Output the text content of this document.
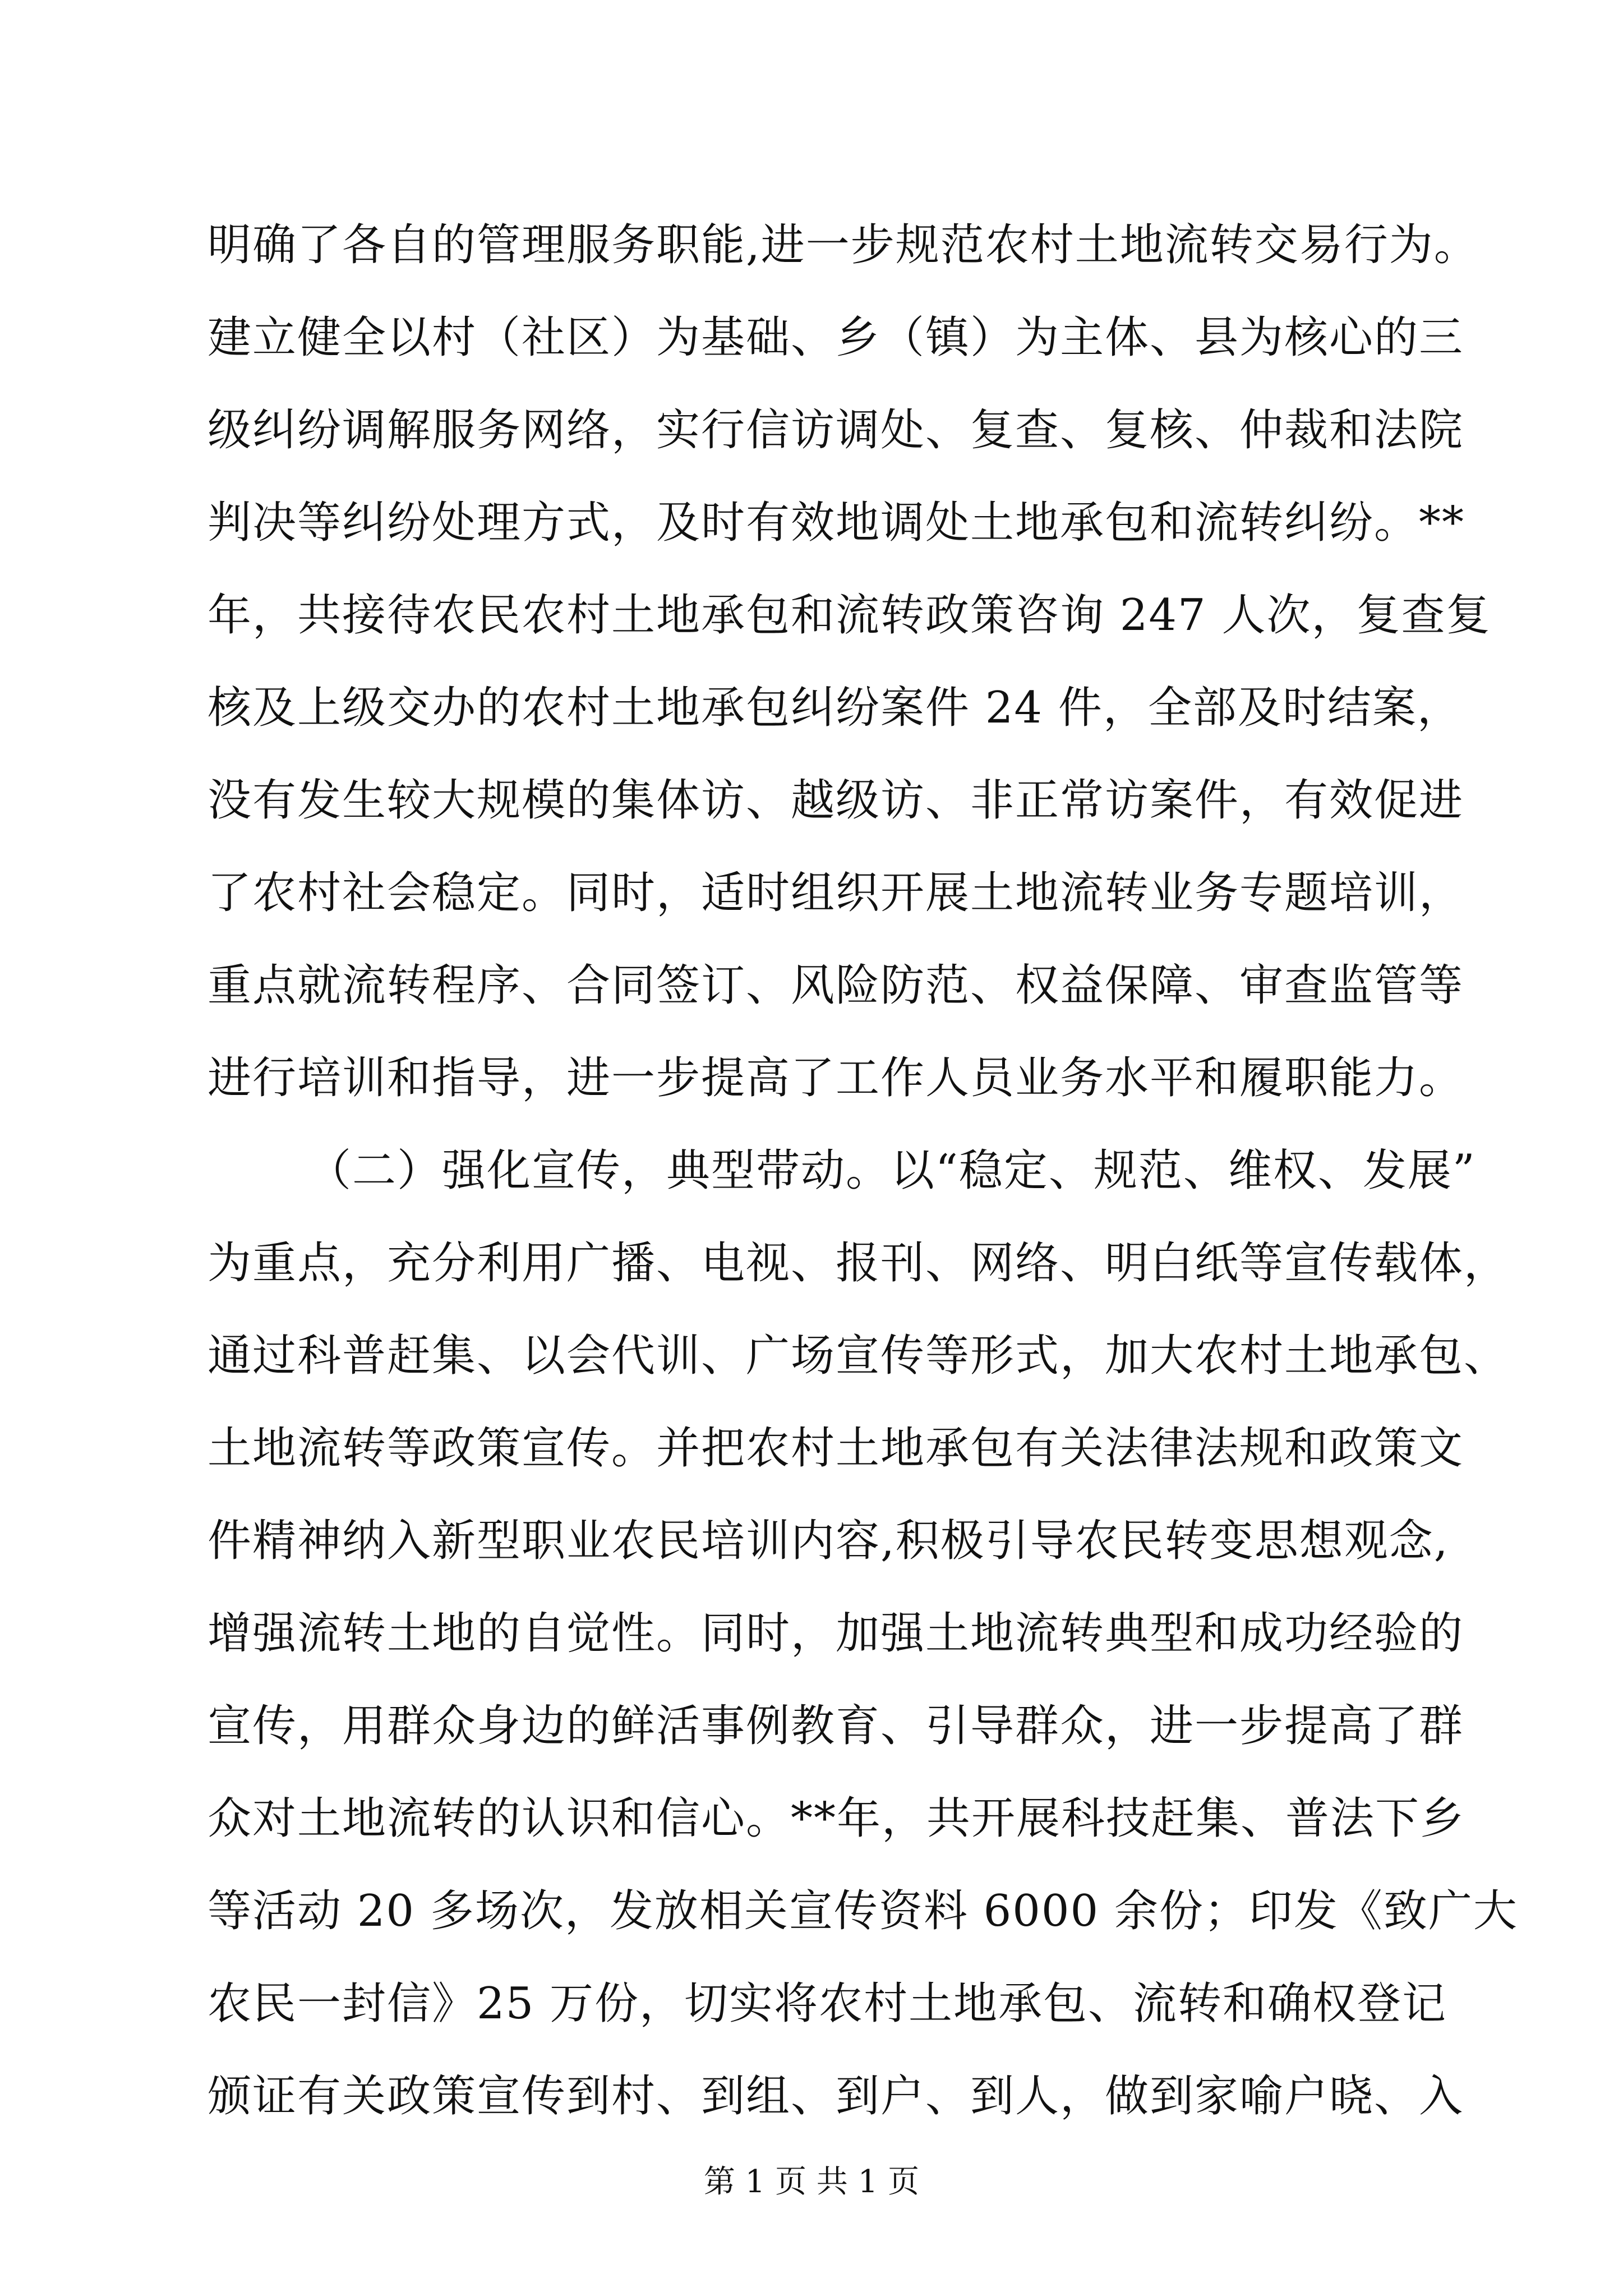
明确了各自的管理服务职能,进一步规范农村土地流转交易行为。
建立健全以村（社区）为基础、乡（镇）为主体、县为核心的三
级纠纷调解服务网络，实行信访调处、复查、复核、仲裁和法院
判决等纠纷处理方式，及时有效地调处土地承包和流转纠纷。**
年，共接待农民农村土地承包和流转政策咨询 247 人次，复查复
核及上级交办的农村土地承包纠纷案件 24 件，全部及时结案，
没有发生较大规模的集体访、越级访、非正常访案件，有效促进
了农村社会稳定。同时，适时组织开展土地流转业务专题培训，
重点就流转程序、合同签订、风险防范、权益保障、审查监管等
进行培训和指导，进一步提高了工作人员业务水平和履职能力。
（二）强化宣传，典型带动。以“稳定、规范、维权、发展”
为重点，充分利用广播、电视、报刊、网络、明白纸等宣传载体，
通过科普赶集、以会代训、广场宣传等形式，加大农村土地承包、
土地流转等政策宣传。并把农村土地承包有关法律法规和政策文
件精神纳入新型职业农民培训内容,积极引导农民转变思想观念,
增强流转土地的自觉性。同时，加强土地流转典型和成功经验的
宣传，用群众身边的鲜活事例教育、引导群众，进一步提高了群
众对土地流转的认识和信心。**年，共开展科技赶集、普法下乡
等活动 20 多场次，发放相关宣传资料 6000 余份；印发《致广大
农民一封信》25 万份，切实将农村土地承包、流转和确权登记
颁证有关政策宣传到村、到组、到户、到人，做到家喻户晓、入
第 1 页 共 1 页
